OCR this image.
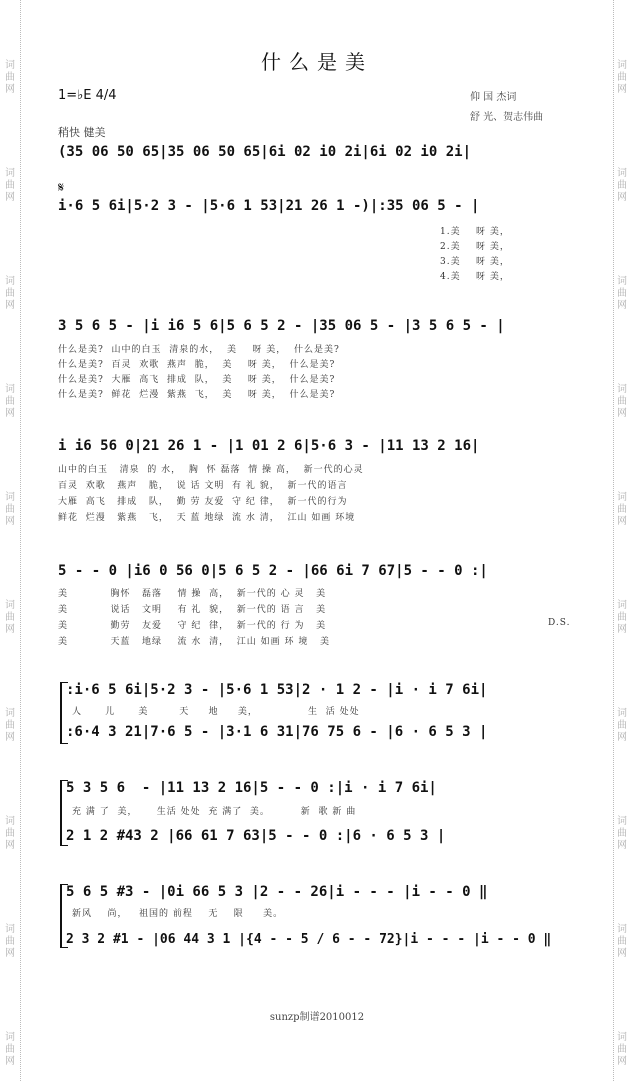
词
曲
网
词
曲
网
词
曲
网
词
曲
网
词
曲
网
词
曲
网
词
曲
网
词
曲
网
词
曲
网
词
曲
网
词
曲
网
词
曲
网
词
曲
网
词
曲
网
词
曲
网
词
曲
网
词
曲
网
词
曲
网
词
曲
网
词
曲
网
什么是美
1=♭E 4/4	仰 国 杰词
舒 光、贺志伟曲
稍快 健美
(35 06 50 65|35 06 50 65|6i 02 i0 2i|6i 02 i0 2i|
𝄋
i·6 5 6i|5·2 3 - |5·6 1 53|21 26 1 -)|:35 06 5 - |
1.美    呀 美，
2.美    呀 美，
3.美    呀 美，
4.美    呀 美，
3 5 6 5 - |i i6 5 6|5 6 5 2 - |35 06 5 - |3 5 6 5 - |
什么是美?  山中的白玉  清泉的水，  美    呀 美，  什么是美?
什么是美?  百灵  欢歌  燕声  脆，  美    呀 美，  什么是美?
什么是美?  大雁  高飞  排成  队，  美    呀 美，  什么是美?
什么是美?  鲜花  烂漫  紫燕  飞，  美    呀 美，  什么是美?
i i6 56 0|21 26 1 - |1 01 2 6|5·6 3 - |11 13 2 16|
山中的白玉   清泉  的 水，  胸  怀 磊落  情 操 高，  新一代的心灵
百灵  欢歌   燕声   脆，  说 话 文明  有 礼 貌，  新一代的语言
大雁  高飞   排成   队，  勤 劳 友爱  守 纪 律，  新一代的行为
鲜花  烂漫   紫燕   飞，  天 蓝 地绿  流 水 清，  江山 如画 环境
5 - - 0 |i6 0 56 0|5 6 5 2 - |66 6i 7 67|5 - - 0 :|
美           胸怀   磊落    情 操  高，  新一代的 心 灵   美
美           说话   文明    有 礼  貌，  新一代的 语 言   美
美           勤劳   友爱    守 纪  律，  新一代的 行 为   美
美           天蓝   地绿    流 水  清，  江山 如画 环 境   美
D.S.
:i·6 5 6i|5·2 3 - |5·6 1 53|2 · 1 2 - |i · i 7 6i|
人      儿      美        天     地     美，             生  活 处处
:6·4 3 21|7·6 5 - |3·1 6 31|76 75 6 - |6 · 6 5 3 |
5 3 5 6  - |11 13 2 16|5 - - 0 :|i · i 7 6i|
充 满 了  美，     生活 处处  充 满了  美。        新  歌 新 曲
2 1 2 #43 2 |66 61 7 63|5 - - 0 :|6 · 6 5 3 |
5 6 5 #3 - |0i 66 5 3 |2 - - 26|i - - - |i - - 0 ‖
新风    尚，   祖国的 前程    无    限     美。
2 3 2 #1 - |06 44 3 1 |{4 - - 5 / 6 - - 72}|i - - - |i - - 0 ‖
sunzp制谱2010012
